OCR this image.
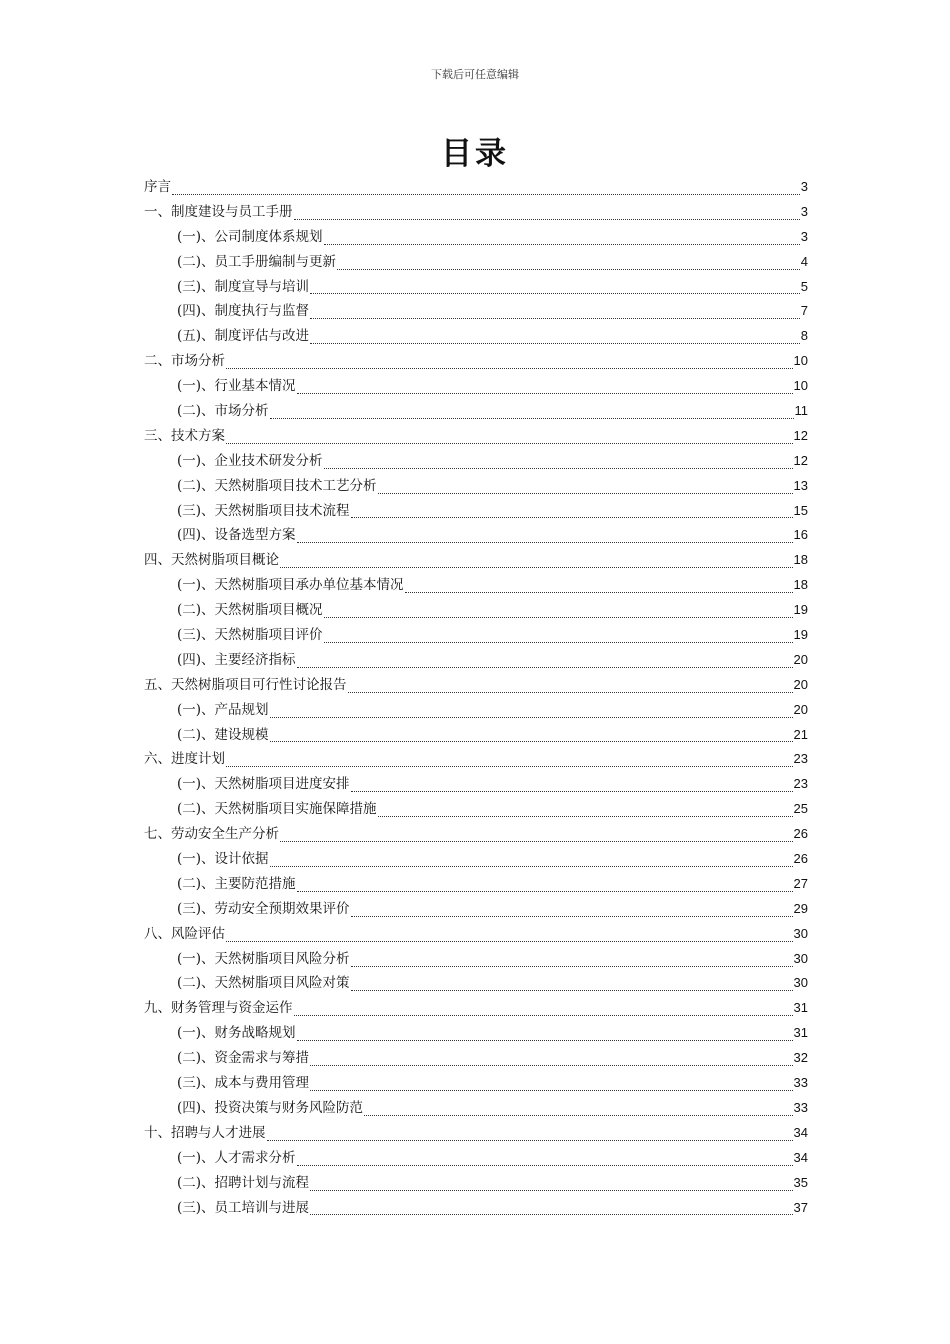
下载后可任意编辑
目录
序言	3
一、制度建设与员工手册	3
(一)、公司制度体系规划	3
(二)、员工手册编制与更新	4
(三)、制度宣导与培训	5
(四)、制度执行与监督	7
(五)、制度评估与改进	8
二、市场分析	10
(一)、行业基本情况	10
(二)、市场分析	11
三、技术方案	12
(一)、企业技术研发分析	12
(二)、天然树脂项目技术工艺分析	13
(三)、天然树脂项目技术流程	15
(四)、设备选型方案	16
四、天然树脂项目概论	18
(一)、天然树脂项目承办单位基本情况	18
(二)、天然树脂项目概况	19
(三)、天然树脂项目评价	19
(四)、主要经济指标	20
五、天然树脂项目可行性讨论报告	20
(一)、产品规划	20
(二)、建设规模	21
六、进度计划	23
(一)、天然树脂项目进度安排	23
(二)、天然树脂项目实施保障措施	25
七、劳动安全生产分析	26
(一)、设计依据	26
(二)、主要防范措施	27
(三)、劳动安全预期效果评价	29
八、风险评估	30
(一)、天然树脂项目风险分析	30
(二)、天然树脂项目风险对策	30
九、财务管理与资金运作	31
(一)、财务战略规划	31
(二)、资金需求与筹措	32
(三)、成本与费用管理	33
(四)、投资决策与财务风险防范	33
十、招聘与人才进展	34
(一)、人才需求分析	34
(二)、招聘计划与流程	35
(三)、员工培训与进展	37
